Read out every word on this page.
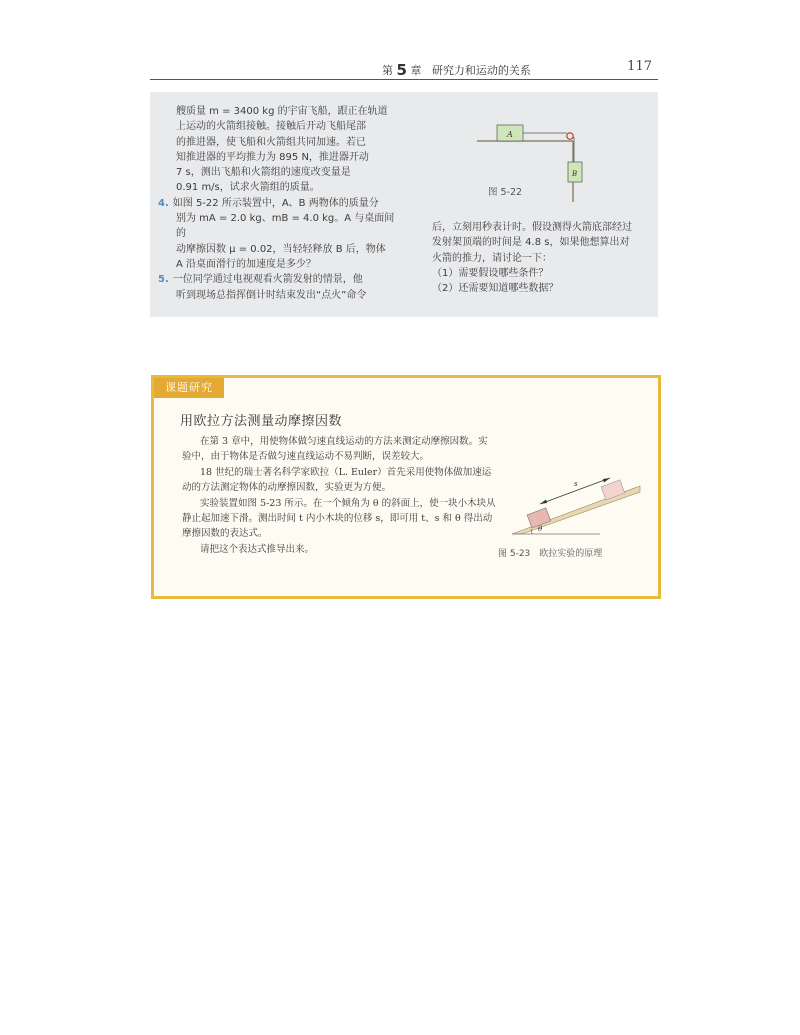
第 5 章 研究力和运动的关系	117
艘质量 m = 3400 kg 的宇宙飞船，跟正在轨道
上运动的火箭组接触。接触后开动飞船尾部
的推进器，使飞船和火箭组共同加速。若已
知推进器的平均推力为 895 N，推进器开动
7 s，测出飞船和火箭组的速度改变量是
0.91 m/s，试求火箭组的质量。
4. 如图 5-22 所示装置中，A、B 两物体的质量分
别为 mA = 2.0 kg、mB = 4.0 kg。A 与桌面间的
动摩擦因数 μ = 0.02，当轻轻释放 B 后，物体
A 沿桌面滑行的加速度是多少？
5. 一位同学通过电视观看火箭发射的情景，他
听到现场总指挥倒计时结束发出“点火”命令
A
B
图 5-22
后，立刻用秒表计时。假设测得火箭底部经过
发射架顶端的时间是 4.8 s，如果他想算出对
火箭的推力，请讨论一下：
（1）需要假设哪些条件？
（2）还需要知道哪些数据？
课题研究
用欧拉方法测量动摩擦因数

在第 3 章中，用使物体做匀速直线运动的方法来测定动摩擦因数。实验中，由于物体是否做匀速直线运动不易判断，误差较大。

18 世纪的瑞士著名科学家欧拉（L. Euler）首先采用使物体做加速运动的方法测定物体的动摩擦因数，实验更为方便。

实验装置如图 5-23 所示。在一个倾角为 θ 的斜面上，使一块小木块从静止起加速下滑。测出时间 t 内小木块的位移 s，即可用 t、s 和 θ 得出动摩擦因数的表达式。

请把这个表达式推导出来。

s
θ
图 5-23　欧拉实验的原理
